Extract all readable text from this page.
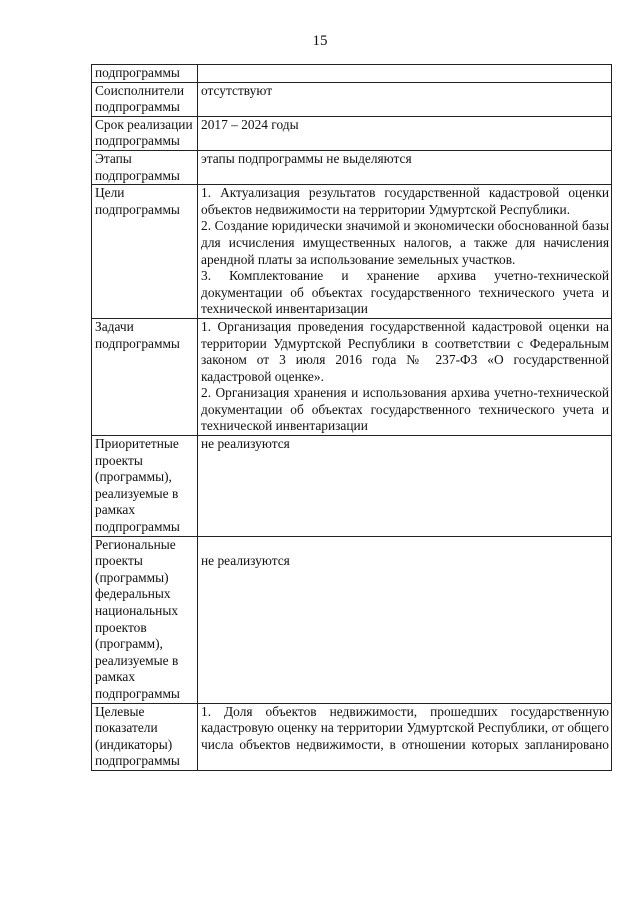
15
подпрограммы	
Соисполнители подпрограммы	отсутствуют

Срок реализации подпрограммы	2017 – 2024 годы

Этапы подпрограммы	этапы подпрограммы не выделяются

Цели подпрограммы	1. Актуализация результатов государственной кадастровой оценки объектов недвижимости на территории Удмуртской Республики.
2. Создание юридически значимой и экономически обоснованной базы для исчисления имущественных налогов, а также для начисления арендной платы за использование земельных участков.
3. Комплектование и хранение архива учетно-технической документации об объектах государственного технического учета и технической инвентаризации

Задачи подпрограммы	1. Организация проведения государственной кадастровой оценки на территории Удмуртской Республики в соответствии с Федеральным законом от 3 июля 2016 года № 237-ФЗ «О государственной кадастровой оценке».
2. Организация хранения и использования архива учетно-технической документации об объектах государственного технического учета и технической инвентаризации

Приоритетные проекты (программы), реализуемые в рамках подпрограммы	не реализуются

Региональные проекты (программы) федеральных национальных проектов (программ), реализуемые в рамках подпрограммы	не реализуются

Целевые показатели (индикаторы) подпрограммы	1. Доля объектов недвижимости, прошедших государственную кадастровую оценку на территории Удмуртской Республики, от общего числа объектов недвижимости, в отношении которых запланировано
